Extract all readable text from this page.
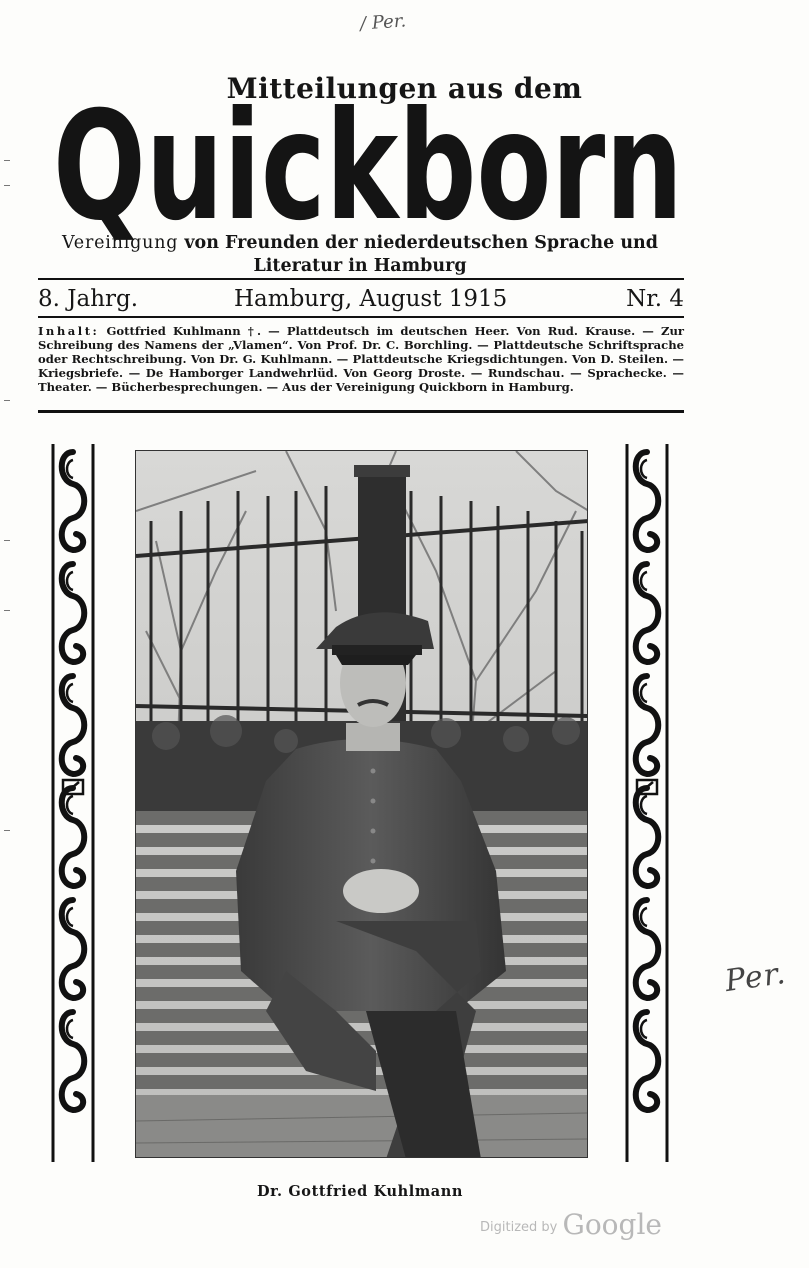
/ Per.
Per.
Mitteilungen aus dem
Quickborn
Vereinigung von Freunden der niederdeutschen Sprache und
Literatur in Hamburg
8. Jahrg.	Hamburg, August 1915	Nr. 4
Inhalt: Gottfried Kuhlmann †. — Plattdeutsch im deutschen Heer. Von Rud. Krause. — Zur Schreibung des Namens der „Vlamen“. Von Prof. Dr. C. Borchling. — Plattdeutsche Schriftsprache oder Rechtschreibung. Von Dr. G. Kuhlmann. — Plattdeutsche Kriegsdichtungen. Von D. Steilen. — Kriegsbriefe. — De Hamborger Landwehrlüd. Von Georg Droste. — Rundschau. — Sprachecke. — Theater. — Bücherbesprechungen. — Aus der Vereinigung Quickborn in Hamburg.
Dr. Gottfried Kuhlmann
Digitized by Google
